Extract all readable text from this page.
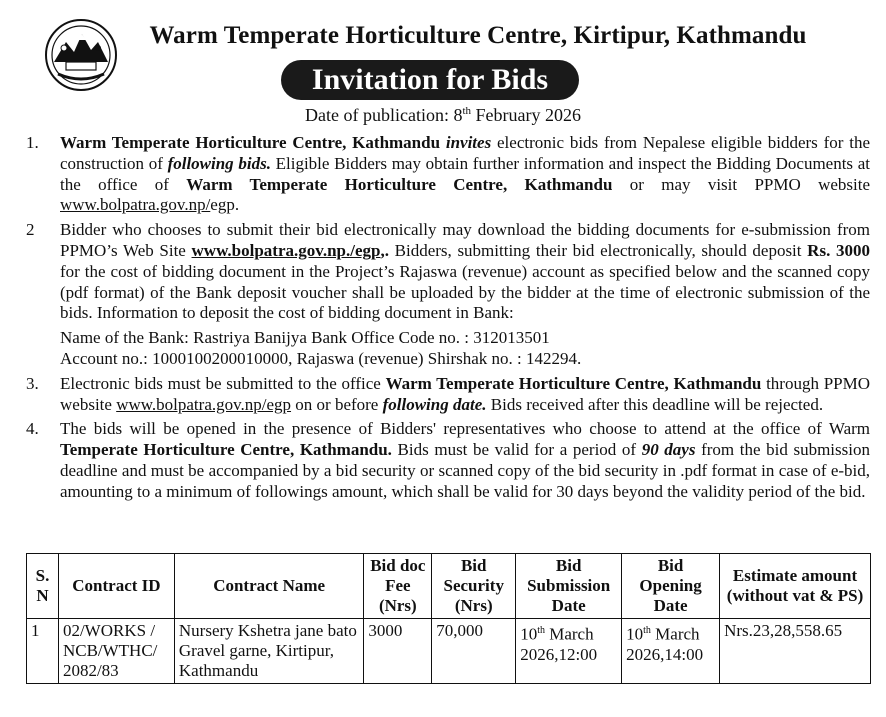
Warm Temperate Horticulture Centre, Kirtipur, Kathmandu
Invitation for Bids
Date of publication: 8th February 2026
1. Warm Temperate Horticulture Centre, Kathmandu invites electronic bids from Nepalese eligible bidders for the construction of following bids. Eligible Bidders may obtain further information and inspect the Bidding Documents at the office of Warm Temperate Horticulture Centre, Kathmandu or may visit PPMO website www.bolpatra.gov.np/egp.
2 Bidder who chooses to submit their bid electronically may download the bidding documents for e-submission from PPMO’s Web Site www.bolpatra.gov.np./egp,. Bidders, submitting their bid electronically, should deposit Rs. 3000 for the cost of bidding document in the Project’s Rajaswa (revenue) account as specified below and the scanned copy (pdf format) of the Bank deposit voucher shall be uploaded by the bidder at the time of electronic submission of the bids. Information to deposit the cost of bidding document in Bank:
Name of the Bank: Rastriya Banijya Bank Office Code no. : 312013501
Account no.: 1000100200010000, Rajaswa (revenue) Shirshak no. : 142294.
3. Electronic bids must be submitted to the office Warm Temperate Horticulture Centre, Kathmandu through PPMO website www.bolpatra.gov.np/egp on or before following date. Bids received after this deadline will be rejected.
4. The bids will be opened in the presence of Bidders' representatives who choose to attend at the office of Warm Temperate Horticulture Centre, Kathmandu. Bids must be valid for a period of 90 days from the bid submission deadline and must be accompanied by a bid security or scanned copy of the bid security in .pdf format in case of e-bid, amounting to a minimum of followings amount, which shall be valid for 30 days beyond the validity period of the bid.
S. N	Contract ID	Contract Name	Bid doc Fee (Nrs)	Bid Security (Nrs)	Bid Submission Date	Bid Opening Date	Estimate amount (without vat & PS)
1	02/WORKS / NCB/WTHC/ 2082/83	Nursery Kshetra jane bato Gravel garne, Kirtipur, Kathmandu	3000	70,000	10th March 2026,12:00	10th March 2026,14:00	Nrs.23,28,558.65
